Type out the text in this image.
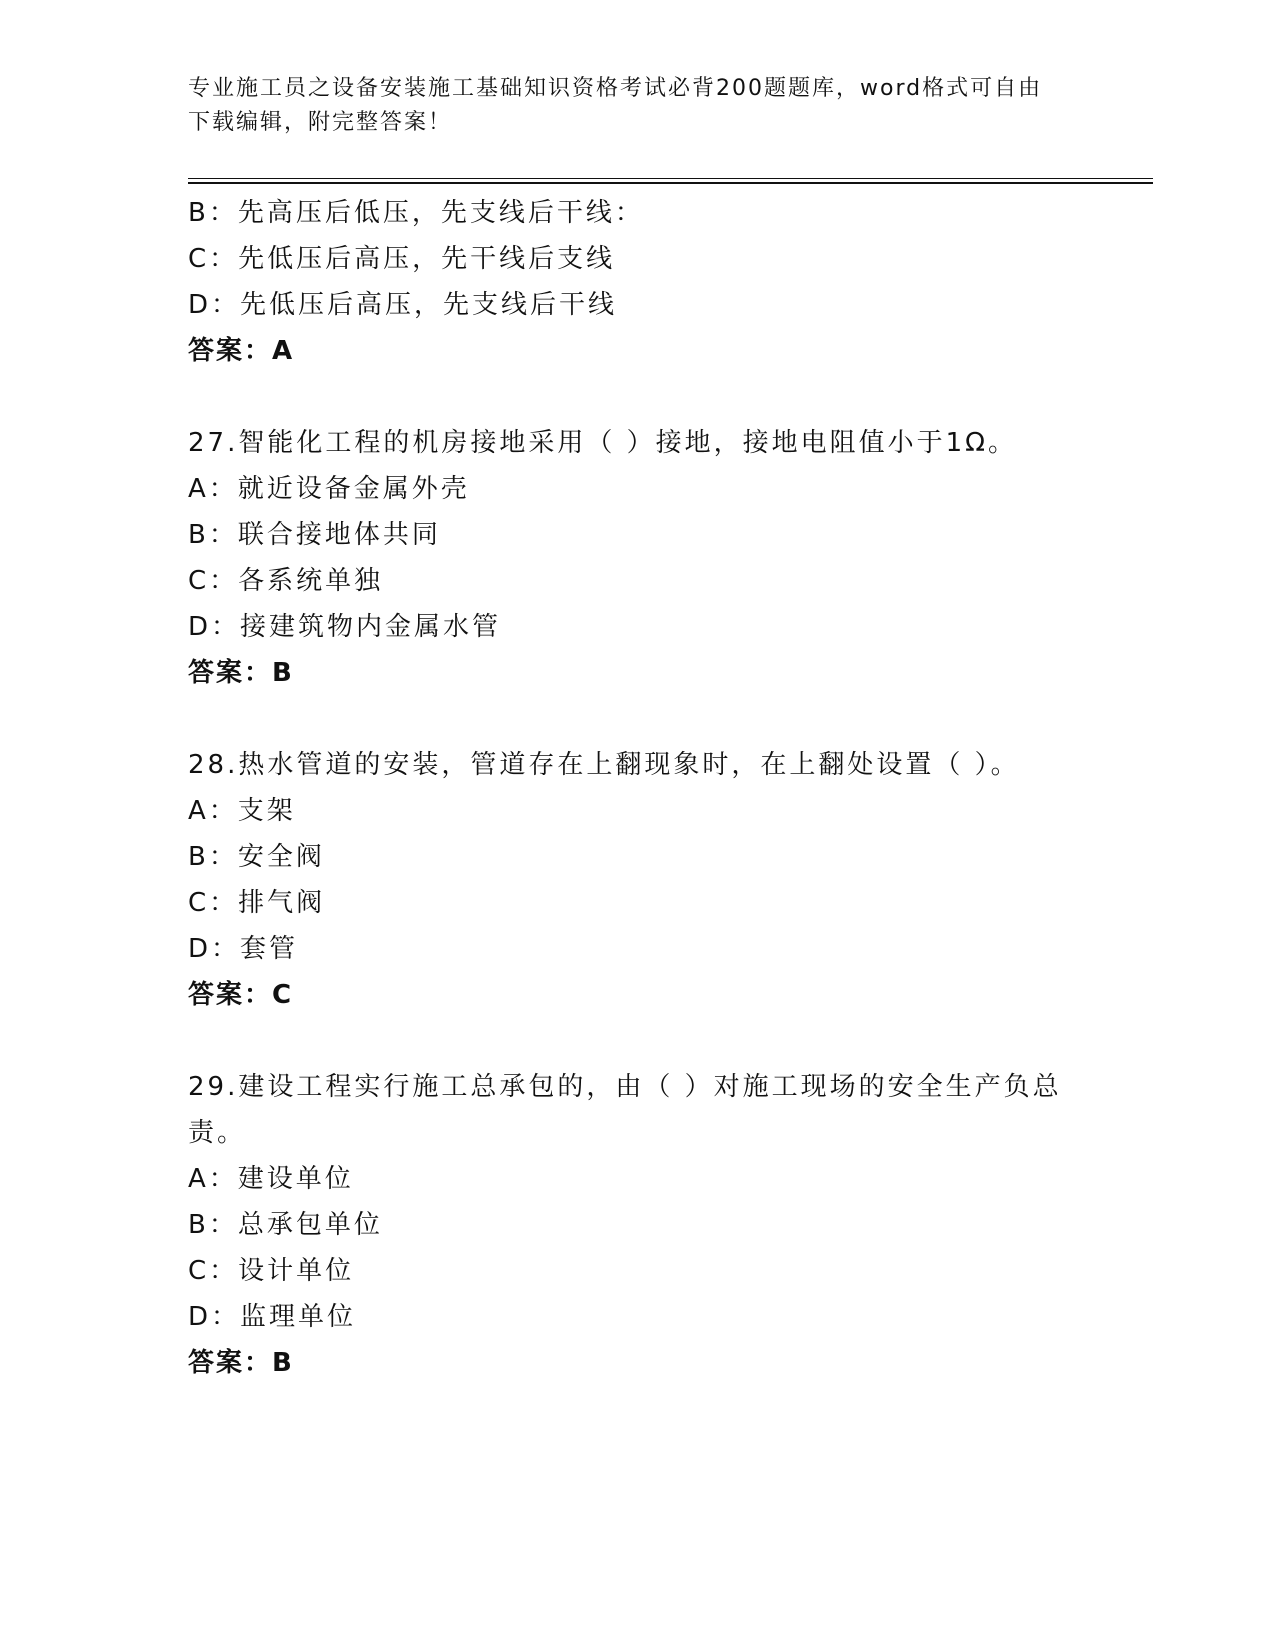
专业施工员之设备安装施工基础知识资格考试必背200题题库，word格式可自由
下载编辑，附完整答案！
B：先高压后低压，先支线后干线：
C：先低压后高压，先干线后支线
D：先低压后高压，先支线后干线
答案：A
27.智能化工程的机房接地采用（ ）接地，接地电阻值小于1Ω。
A：就近设备金属外壳
B：联合接地体共同
C：各系统单独
D：接建筑物内金属水管
答案：B
28.热水管道的安装，管道存在上翻现象时，在上翻处设置（ ）。
A：支架
B：安全阀
C：排气阀
D：套管
答案：C
29.建设工程实行施工总承包的，由（ ）对施工现场的安全生产负总
责。
A：建设单位
B：总承包单位
C：设计单位
D：监理单位
答案：B
